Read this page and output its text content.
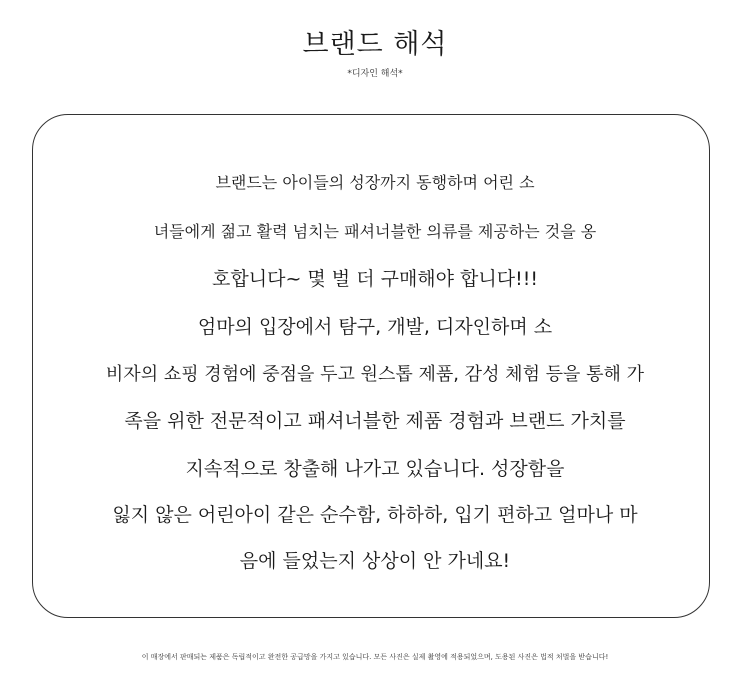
브랜드 해석
*디자인 해석*
브랜드는 아이들의 성장까지 동행하며 어린 소
녀들에게 젊고 활력 넘치는 패셔너블한 의류를 제공하는 것을 옹
호합니다~ 몇 벌 더 구매해야 합니다!!!
엄마의 입장에서 탐구, 개발, 디자인하며 소
비자의 쇼핑 경험에 중점을 두고 원스톱 제품, 감성 체험 등을 통해 가
족을 위한 전문적이고 패셔너블한 제품 경험과 브랜드 가치를
지속적으로 창출해 나가고 있습니다. 성장함을
잃지 않은 어린아이 같은 순수함, 하하하, 입기 편하고 얼마나 마
음에 들었는지 상상이 안 가네요!
이 매장에서 판매되는 제품은 독립적이고 완전한 공급망을 가지고 있습니다. 모든 사진은 실제 촬영에 적용되었으며, 도용된 사진은 법적 처벌을 받습니다!
